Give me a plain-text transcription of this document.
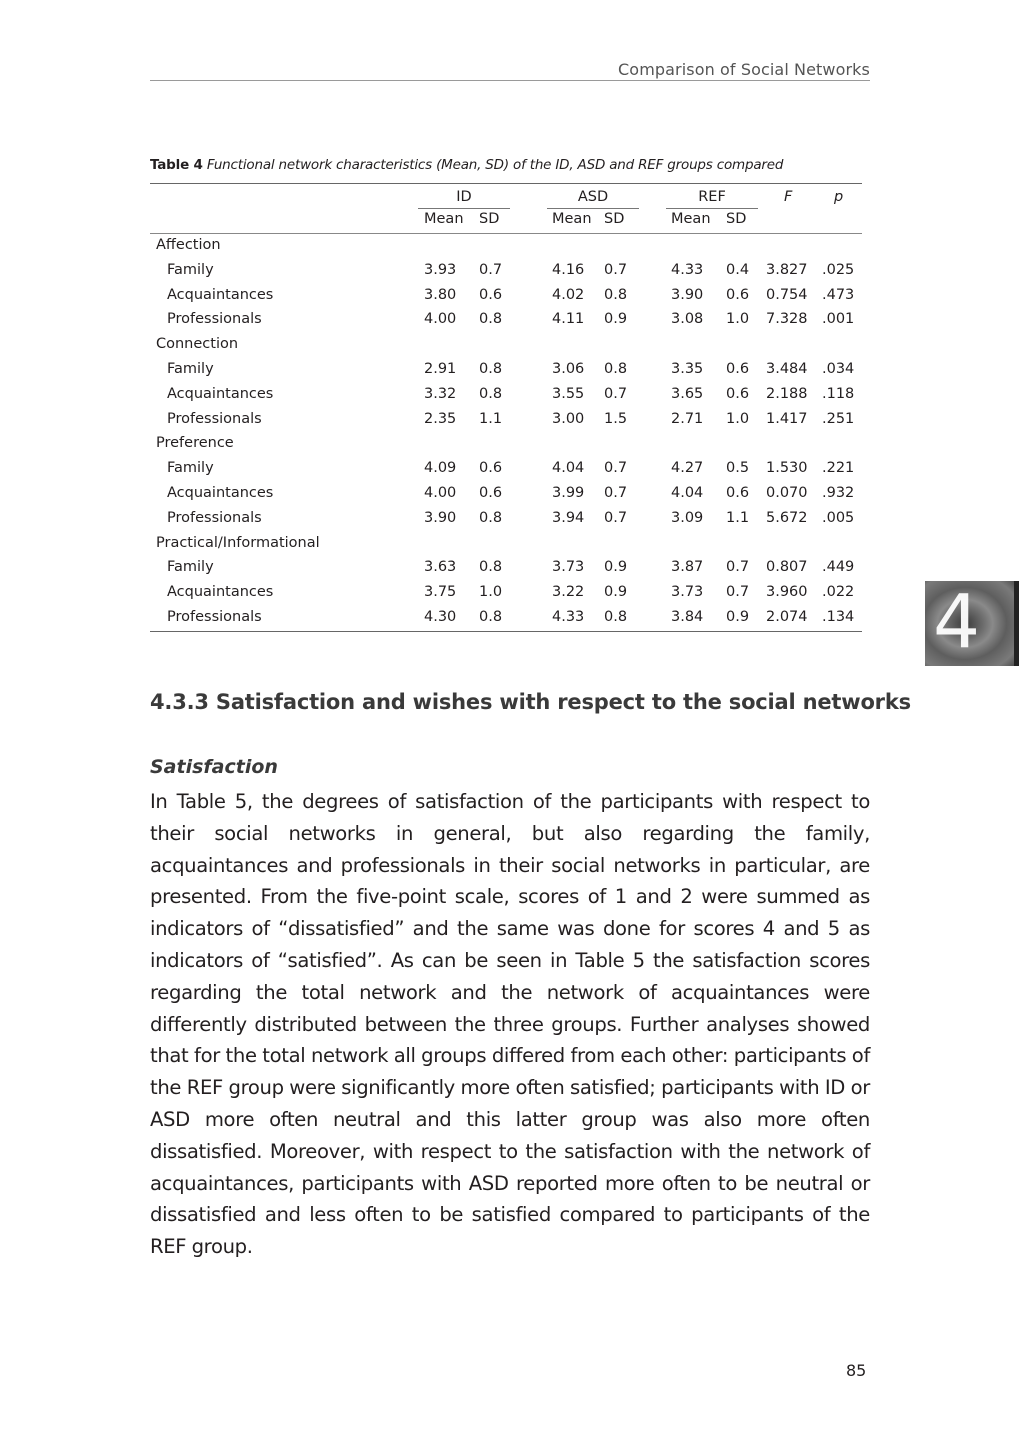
Comparison of Social Networks
Table 4 Functional network characteristics (Mean, SD) of the ID, ASD and REF groups compared
ID	ASD	REF	F	p
Mean SD	Mean SD	Mean SD
Affection
Family	3.93 0.7	4.16 0.7	4.33 0.4 3.827 .025
Acquaintances	3.80 0.6	4.02 0.8	3.90 0.6 0.754 .473
Professionals	4.00 0.8	4.11 0.9	3.08 1.0 7.328 .001
Connection
Family	2.91 0.8	3.06 0.8	3.35 0.6 3.484 .034
Acquaintances	3.32 0.8	3.55 0.7	3.65 0.6 2.188 .118
Professionals	2.35 1.1	3.00 1.5	2.71 1.0 1.417 .251
Preference
Family	4.09 0.6	4.04 0.7	4.27 0.5 1.530 .221
Acquaintances	4.00 0.6	3.99 0.7	4.04 0.6 0.070 .932
Professionals	3.90 0.8	3.94 0.7	3.09 1.1 5.672 .005
Practical/Informational
Family	3.63 0.8	3.73 0.9	3.87 0.7 0.807 .449
Acquaintances	3.75 1.0	3.22 0.9	3.73 0.7 3.960 .022
Professionals	4.30 0.8	4.33 0.8	3.84 0.9 2.074 .134 4
4.3.3 Satisfaction and wishes with respect to the social networks
Satisfaction
In Table 5, the degrees of satisfaction of the participants with respect to their social networks in general, but also regarding the family, acquaintances and professionals in their social networks in particular, are presented. From the five-point scale, scores of 1 and 2 were summed as indicators of “dissatisfied” and the same was done for scores 4 and 5 as indicators of “satisfied”. As can be seen in Table 5 the satisfaction scores regarding the total network and the network of acquaintances were differently distributed between the three groups. Further analyses showed that for the total network all groups differed from each other: participants of the REF group were significantly more often satisfied; participants with ID or ASD more often neutral and this latter group was also more often dissatisfied. Moreover, with respect to the satisfaction with the network of acquaintances, participants with ASD reported more often to be neutral or dissatisfied and less often to be satisfied compared to participants of the REF group.
85
